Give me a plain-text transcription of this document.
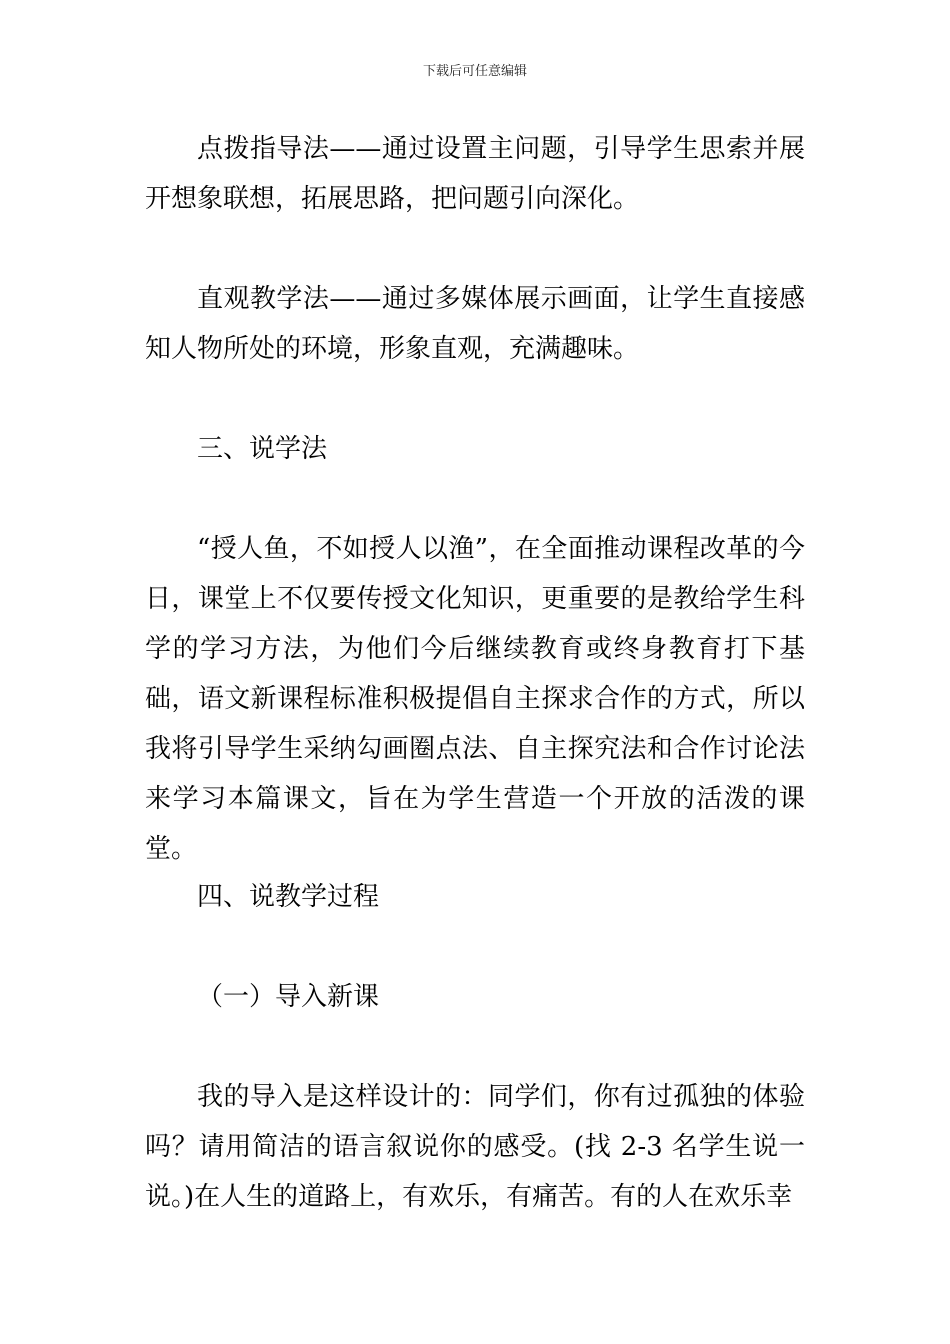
下载后可任意编辑

点拨指导法——通过设置主问题，引导学生思索并展开想象联想，拓展思路，把问题引向深化。

直观教学法——通过多媒体展示画面，让学生直接感知人物所处的环境，形象直观，充满趣味。

三、说学法

“授人鱼，不如授人以渔”，在全面推动课程改革的今日，课堂上不仅要传授文化知识，更重要的是教给学生科学的学习方法，为他们今后继续教育或终身教育打下基础，语文新课程标准积极提倡自主探求合作的方式，所以我将引导学生采纳勾画圈点法、自主探究法和合作讨论法来学习本篇课文，旨在为学生营造一个开放的活泼的课堂。

四、说教学过程

（一）导入新课

我的导入是这样设计的：同学们，你有过孤独的体验吗？请用简洁的语言叙说你的感受。(找 2-3 名学生说一说。)在人生的道路上，有欢乐，有痛苦。有的人在欢乐幸
